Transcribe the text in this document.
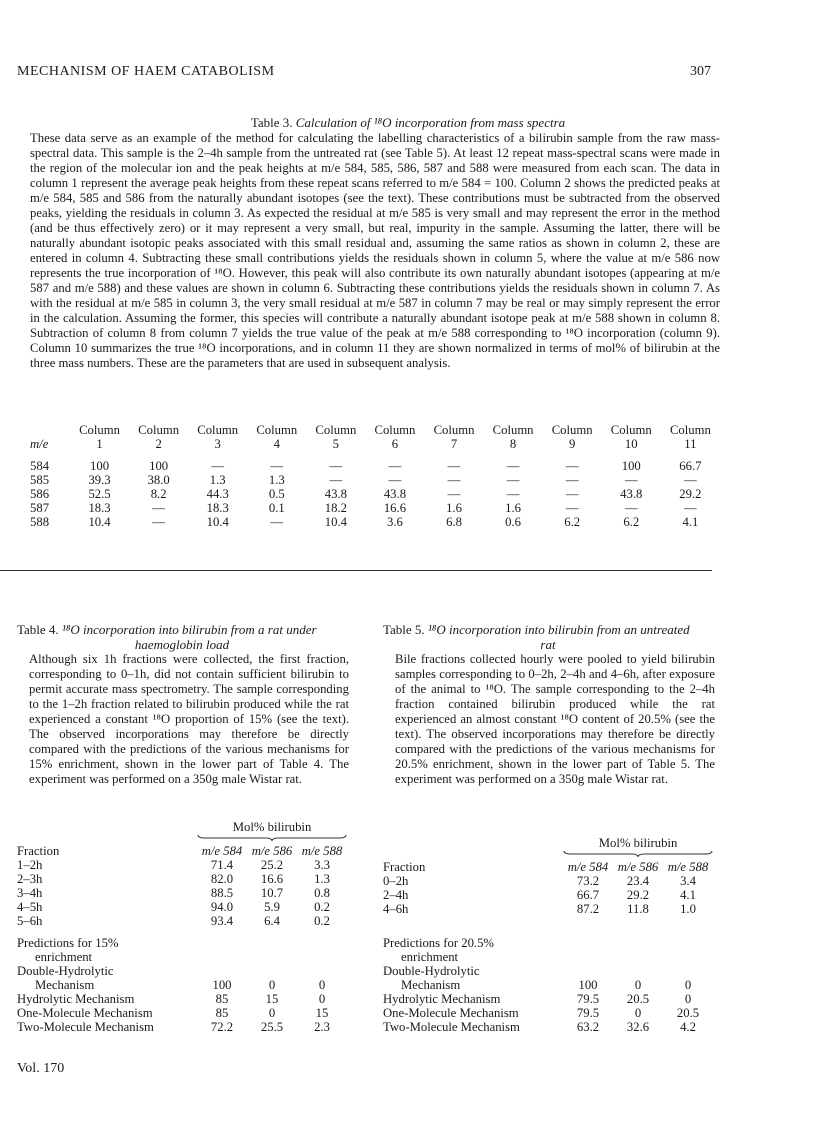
MECHANISM OF HAEM CATABOLISM	307
Table 3. Calculation of ¹⁸O incorporation from mass spectra
These data serve as an example of the method for calculating the labelling characteristics of a bilirubin sample from the raw mass-spectral data. This sample is the 2–4h sample from the untreated rat (see Table 5). At least 12 repeat mass-spectral scans were made in the region of the molecular ion and the peak heights at m/e 584, 585, 586, 587 and 588 were measured from each scan. The data in column 1 represent the average peak heights from these repeat scans referred to m/e 584 = 100. Column 2 shows the predicted peaks at m/e 584, 585 and 586 from the naturally abundant isotopes (see the text). These contributions must be subtracted from the observed peaks, yielding the residuals in column 3. As expected the residual at m/e 585 is very small and may represent the error in the method (and be thus effectively zero) or it may represent a very small, but real, impurity in the sample. Assuming the latter, there will be naturally abundant isotopic peaks associated with this small residual and, assuming the same ratios as shown in column 2, these are entered in column 4. Subtracting these small contributions yields the residuals shown in column 5, where the value at m/e 586 now represents the true incorporation of ¹⁸O. However, this peak will also contribute its own naturally abundant isotopes (appearing at m/e 587 and m/e 588) and these values are shown in column 6. Subtracting these contributions yields the residuals shown in column 7. As with the residual at m/e 585 in column 3, the very small residual at m/e 587 in column 7 may be real or may simply represent the error in the calculation. Assuming the former, this species will contribute a naturally abundant isotope peak at m/e 588 shown in column 8. Subtraction of column 8 from column 7 yields the true value of the peak at m/e 588 corresponding to ¹⁸O incorporation (column 9). Column 10 summarizes the true ¹⁸O incorporations, and in column 11 they are shown normalized in terms of mol% of bilirubin at the three mass numbers. These are the parameters that are used in subsequent analysis.
	Column	Column	Column	Column	Column	Column	Column	Column	Column	Column	Column
m/e	1	2	3	4	5	6	7	8	9	10	11
584	100	100	—	—	—	—	—	—	—	100	66.7
585	39.3	38.0	1.3	1.3	—	—	—	—	—	—	—
586	52.5	8.2	44.3	0.5	43.8	43.8	—	—	—	43.8	29.2
587	18.3	—	18.3	0.1	18.2	16.6	1.6	1.6	—	—	—
588	10.4	—	10.4	—	10.4	3.6	6.8	0.6	6.2	6.2	4.1
Table 4. ¹⁸O incorporation into bilirubin from a rat under
haemoglobin load
Although six 1h fractions were collected, the first fraction, corresponding to 0–1h, did not contain sufficient bilirubin to permit accurate mass spectrometry. The sample corresponding to the 1–2h fraction related to bilirubin produced while the rat experienced a constant ¹⁸O proportion of 15% (see the text). The observed incorporations may therefore be directly compared with the predictions of the various mechanisms for 15% enrichment, shown in the lower part of Table 4. The experiment was performed on a 350g male Wistar rat.
	Mol% bilirubin		

Fraction	m/e 584	m/e 586	m/e 588
1–2h	71.4	25.2	3.3
2–3h	82.0	16.6	1.3
3–4h	88.5	10.7	0.8
4–5h	94.0	5.9	0.2
5–6h	93.4	6.4	0.2

Predictions for 15%			
enrichment			
Double-Hydrolytic			
Mechanism	100	0	0
Hydrolytic Mechanism	85	15	0
One-Molecule Mechanism	85	0	15
Two-Molecule Mechanism	72.2	25.5	2.3
Table 5. ¹⁸O incorporation into bilirubin from an untreated
rat
Bile fractions collected hourly were pooled to yield bilirubin samples corresponding to 0–2h, 2–4h and 4–6h, after exposure of the animal to ¹⁸O. The sample corresponding to the 2–4h fraction contained bilirubin produced while the rat experienced an almost constant ¹⁸O content of 20.5% (see the text). The observed incorporations may therefore be directly compared with the predictions of the various mechanisms for 20.5% enrichment, shown in the lower part of Table 5. The experiment was performed on a 350g male Wistar rat.
	Mol% bilirubin		

Fraction	m/e 584	m/e 586	m/e 588
0–2h	73.2	23.4	3.4
2–4h	66.7	29.2	4.1
4–6h	87.2	11.8	1.0

Predictions for 20.5%			
enrichment			
Double-Hydrolytic			
Mechanism	100	0	0
Hydrolytic Mechanism	79.5	20.5	0
One-Molecule Mechanism	79.5	0	20.5
Two-Molecule Mechanism	63.2	32.6	4.2
Vol. 170
